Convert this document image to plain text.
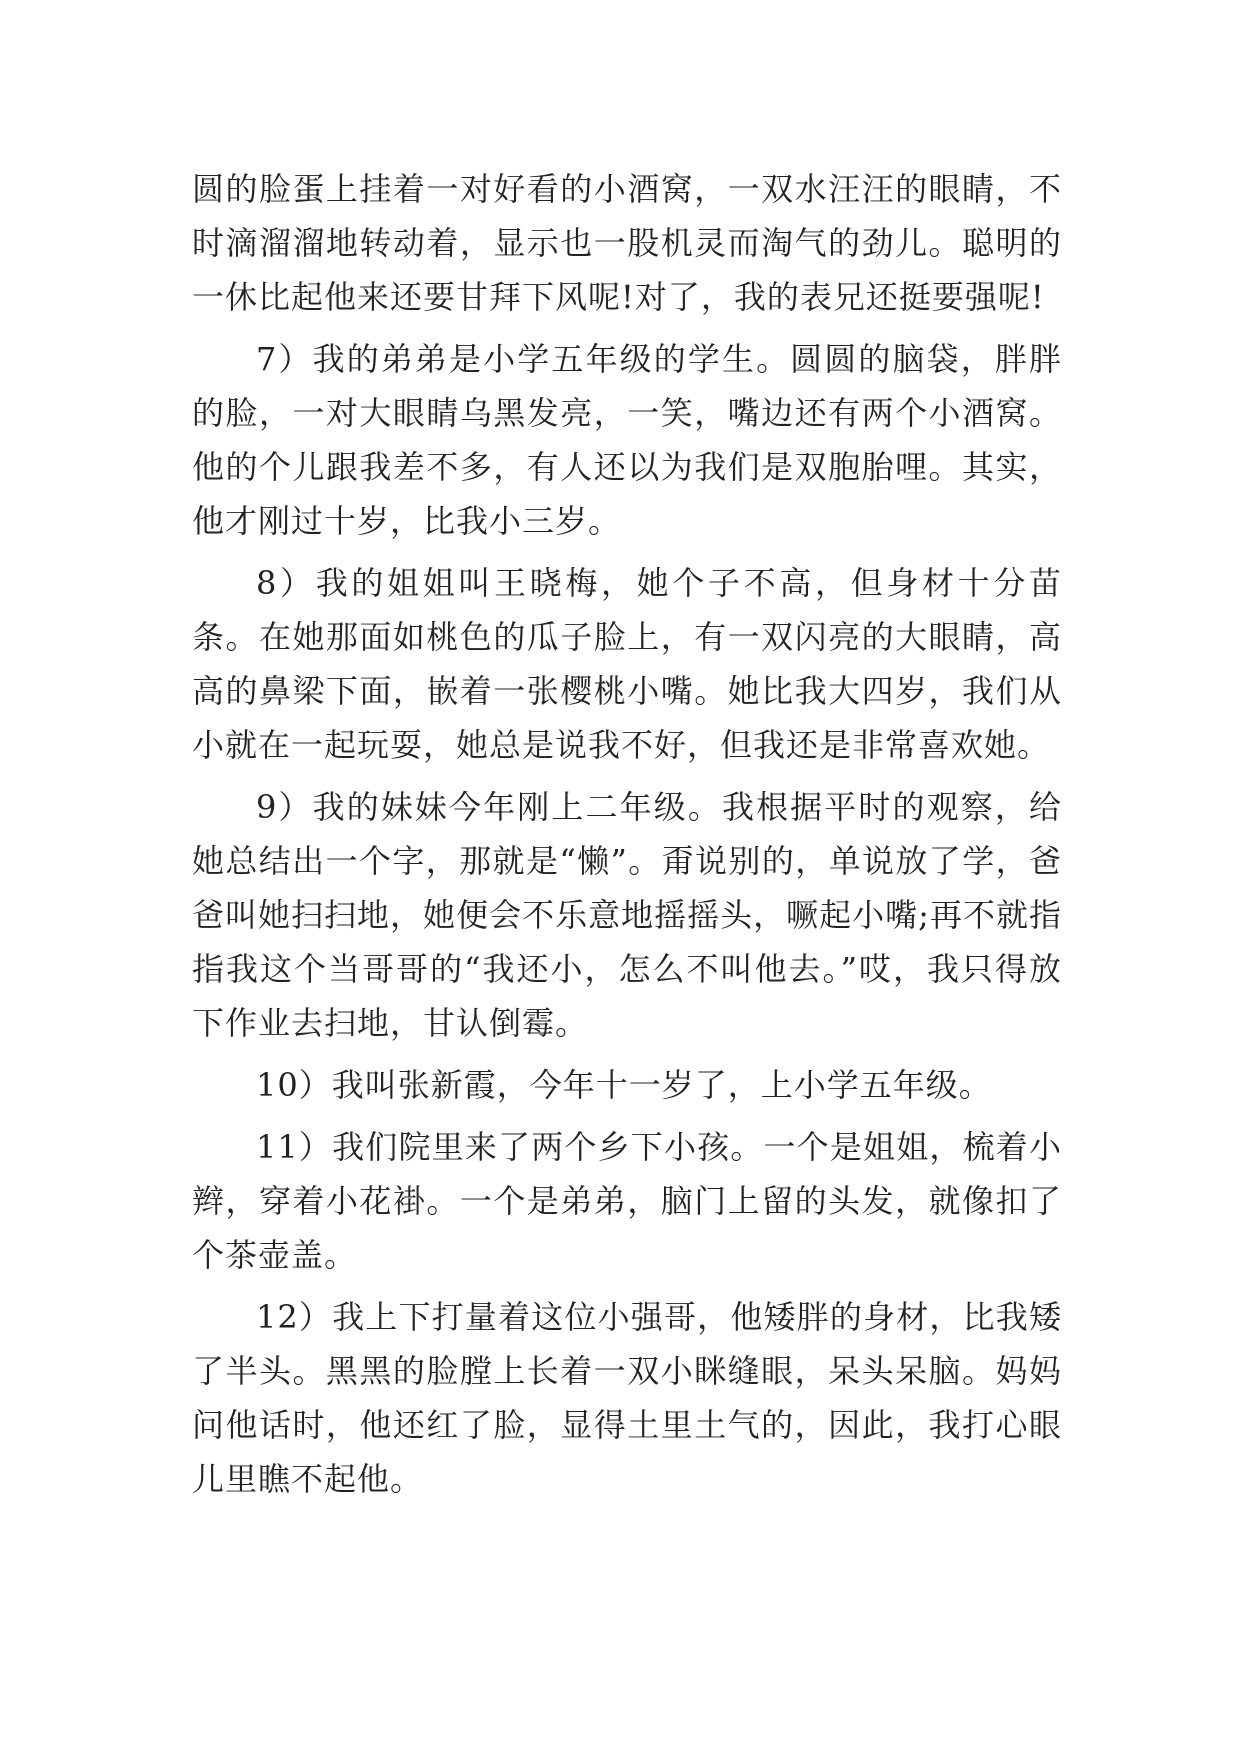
圆的脸蛋上挂着一对好看的小酒窝，一双水汪汪的眼睛，不时滴溜溜地转动着，显示也一股机灵而淘气的劲儿。聪明的一休比起他来还要甘拜下风呢!对了，我的表兄还挺要强呢!

7）我的弟弟是小学五年级的学生。圆圆的脑袋，胖胖的脸，一对大眼睛乌黑发亮，一笑，嘴边还有两个小酒窝。他的个儿跟我差不多，有人还以为我们是双胞胎哩。其实，他才刚过十岁，比我小三岁。

8）我的姐姐叫王晓梅，她个子不高，但身材十分苗条。在她那面如桃色的瓜子脸上，有一双闪亮的大眼睛，高高的鼻梁下面，嵌着一张樱桃小嘴。她比我大四岁，我们从小就在一起玩耍，她总是说我不好，但我还是非常喜欢她。

9）我的妹妹今年刚上二年级。我根据平时的观察，给她总结出一个字，那就是“懒”。甭说别的，单说放了学，爸爸叫她扫扫地，她便会不乐意地摇摇头，噘起小嘴;再不就指指我这个当哥哥的“我还小，怎么不叫他去。”哎，我只得放下作业去扫地，甘认倒霉。

10）我叫张新霞，今年十一岁了，上小学五年级。

11）我们院里来了两个乡下小孩。一个是姐姐，梳着小辫，穿着小花褂。一个是弟弟，脑门上留的头发，就像扣了个茶壶盖。

12）我上下打量着这位小强哥，他矮胖的身材，比我矮了半头。黑黑的脸膛上长着一双小眯缝眼，呆头呆脑。妈妈问他话时，他还红了脸，显得土里土气的，因此，我打心眼儿里瞧不起他。
